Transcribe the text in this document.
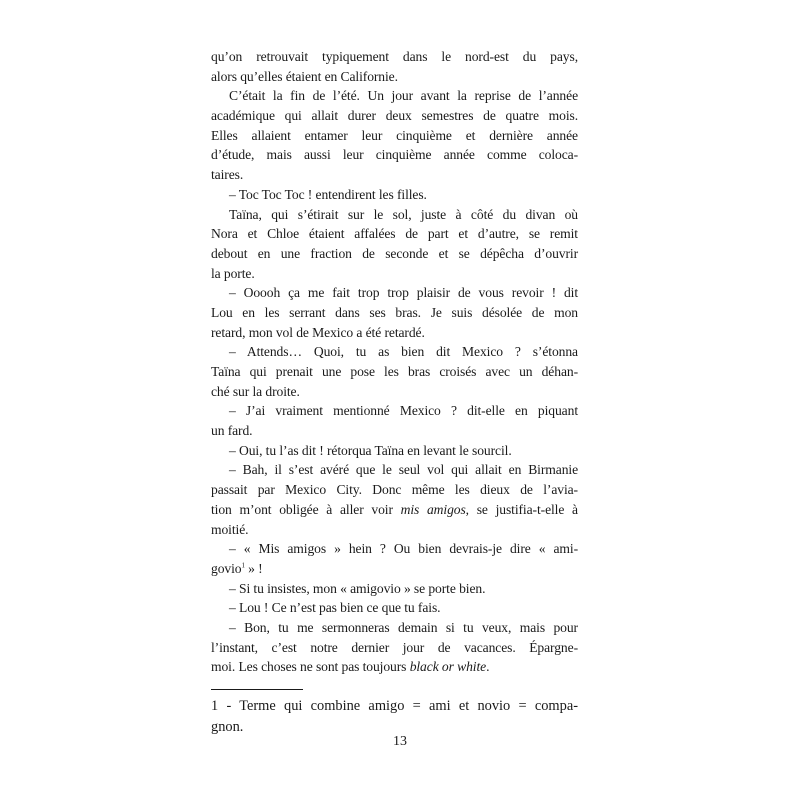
qu’on retrouvait typiquement dans le nord-est du pays,
alors qu’elles étaient en Californie.
C’était la fin de l’été. Un jour avant la reprise de l’année
académique qui allait durer deux semestres de quatre mois.
Elles allaient entamer leur cinquième et dernière année
d’étude, mais aussi leur cinquième année comme coloca-
taires.
– Toc Toc Toc ! entendirent les filles.
Taïna, qui s’étirait sur le sol, juste à côté du divan où
Nora et Chloe étaient affalées de part et d’autre, se remit
debout en une fraction de seconde et se dépêcha d’ouvrir
la porte.
– Ooooh ça me fait trop trop plaisir de vous revoir ! dit
Lou en les serrant dans ses bras. Je suis désolée de mon
retard, mon vol de Mexico a été retardé.
– Attends… Quoi, tu as bien dit Mexico ? s’étonna
Taïna qui prenait une pose les bras croisés avec un déhan-
ché sur la droite.
– J’ai vraiment mentionné Mexico ? dit-elle en piquant
un fard.
– Oui, tu l’as dit ! rétorqua Taïna en levant le sourcil.
– Bah, il s’est avéré que le seul vol qui allait en Birmanie
passait par Mexico City. Donc même les dieux de l’avia-
tion m’ont obligée à aller voir mis amigos, se justifia-t-elle à
moitié.
– « Mis amigos » hein ? Ou bien devrais-je dire « ami-
govio$^1$ » !
– Si tu insistes, mon « amigovio » se porte bien.
– Lou ! Ce n’est pas bien ce que tu fais.
– Bon, tu me sermonneras demain si tu veux, mais pour
l’instant, c’est notre dernier jour de vacances. Épargne-
moi. Les choses ne sont pas toujours black or white.
1 - Terme qui combine amigo = ami et novio = compa-
gnon.
13
